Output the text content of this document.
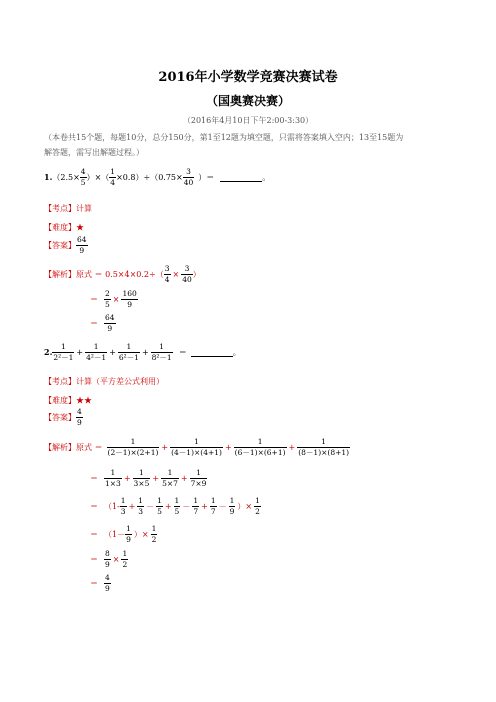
2016年小学数学竞赛决赛试卷
（国奥赛决赛）
（2016年4月10日下午2:00-3:30）
（本卷共15个题，每题10分，总分150分，第1至12题为填空题，只需将答案填入空内；13至15题为
解答题，需写出解题过程。）
1. （$2.5\times \frac{4}{5}$ ）×（ $\frac{1}{4} \times 0.8)\div(0.75\times \frac{3}{40}$ ）＝	。
【考点】计算
【难度】★
【答案】 $\frac{64}{9}$
【解析】 原式 ＝ $0.5\times 4\times 0.2\div( \frac{3}{4} \times \frac{3}{40}$ ）
＝ $\frac{2}{5} \times \frac{160}{9}$
＝ $\frac{64}{9}$
2. $\frac{1}{\text{2²－1}} + \frac{1}{\text{4²－1}} + \frac{1}{\text{6²－1}} + \frac{1}{\text{8²－1}}$ ＝	。
【考点】计算（平方差公式利用）
【难度】★★
【答案】 $\frac{4}{9}$
【解析】 原式 ＝ $\frac{1}{(2-1)\times(2+1)} + \frac{1}{(4-1)\times(4+1)} + \frac{1}{(6-1)\times(6+1)} + \frac{1}{(8-1)\times(8+1)}$
＝ $\frac{1}{1\times 3} + \frac{1}{3\times 5} + \frac{1}{5\times 7} + \frac{1}{7\times 9}$
＝ （$1- \frac{1}{3} + \frac{1}{3} - \frac{1}{5} + \frac{1}{5} - \frac{1}{7} + \frac{1}{7} - \frac{1}{9}$ ）× $\frac{1}{2}$
＝ （$1- \frac{1}{9}$ ）× $\frac{1}{2}$
＝ $\frac{8}{9} \times \frac{1}{2}$
＝ $\frac{4}{9}$
